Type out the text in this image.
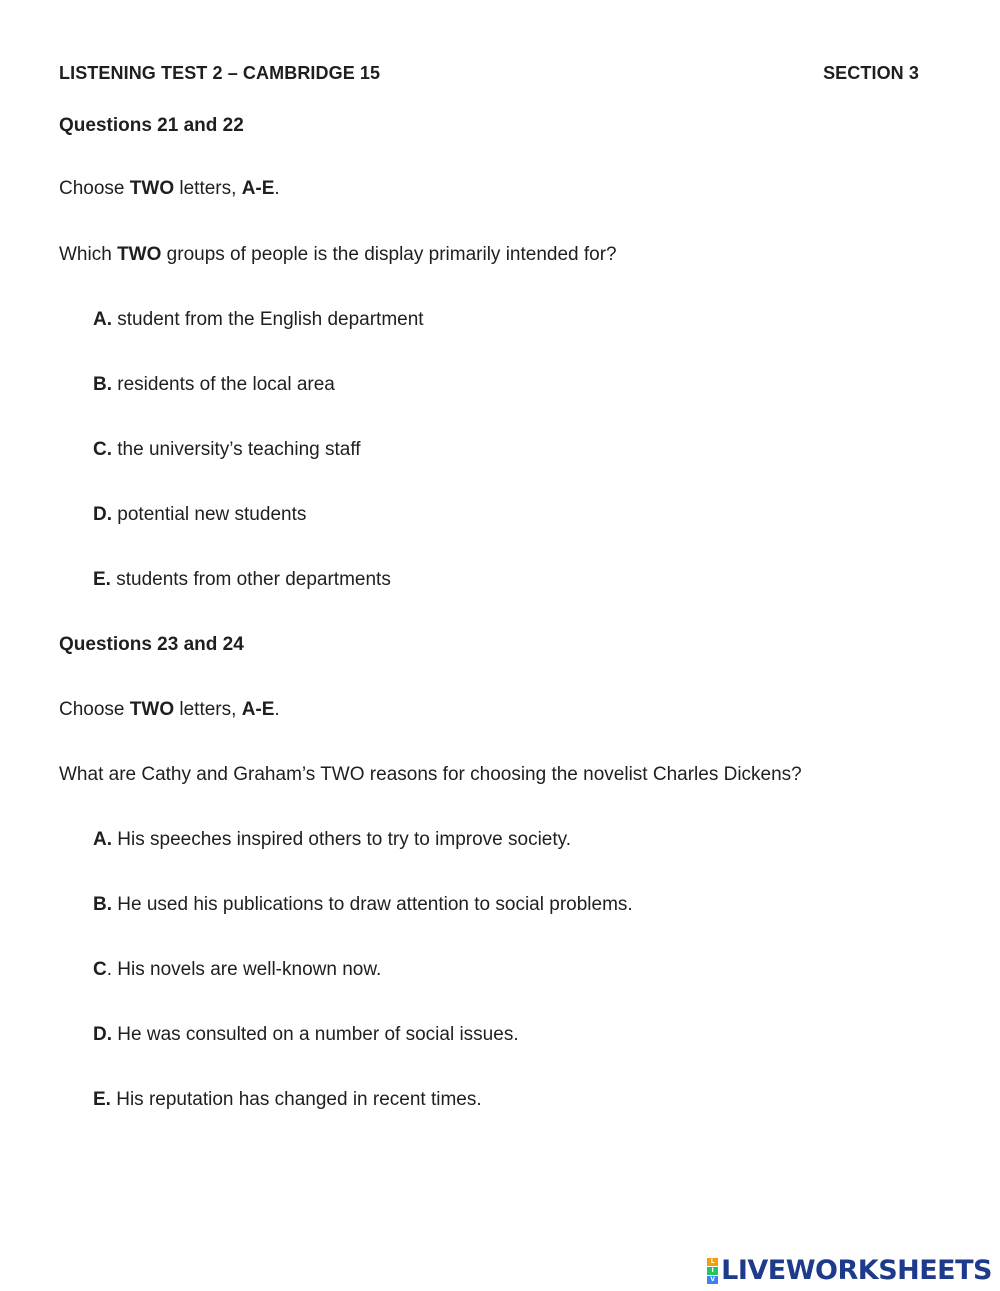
LISTENING TEST 2 – CAMBRIDGE 15	SECTION 3
Questions 21 and 22
Choose TWO letters, A-E.
Which TWO groups of people is the display primarily intended for?
A. student from the English department
B. residents of the local area
C. the university’s teaching staff
D. potential new students
E. students from other departments
Questions 23 and 24
Choose TWO letters, A-E.
What are Cathy and Graham’s TWO reasons for choosing the novelist Charles Dickens?
A. His speeches inspired others to try to improve society.
B. He used his publications to draw attention to social problems.
C. His novels are well-known now.
D. He was consulted on a number of social issues.
E. His reputation has changed in recent times.
L
I
V LIVEWORKSHEETS
